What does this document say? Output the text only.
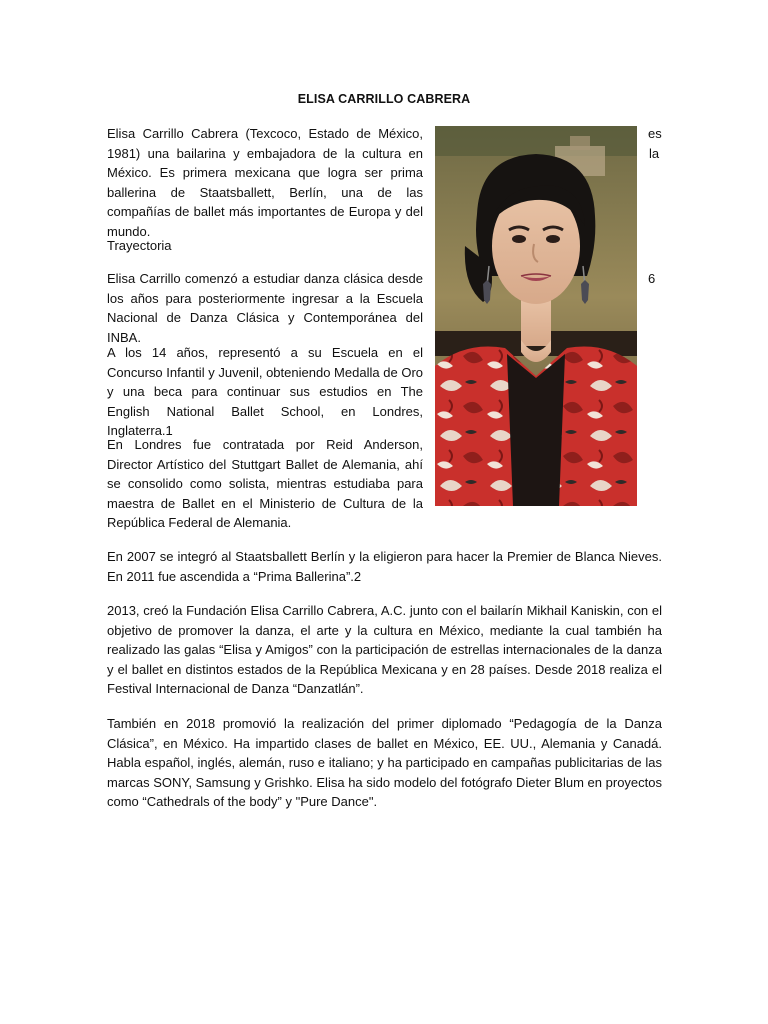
ELISA CARRILLO CABRERA

Elisa Carrillo Cabrera (Texcoco, Estado de México, 1981) una bailarina y embajadora de la cultura en México. Es primera mexicana que logra ser prima ballerina de Staatsballett, Berlín, una de las compañías de ballet más importantes de Europa y del mundo.

es
la

Trayectoria

Elisa Carrillo comenzó a estudiar danza clásica desde los años para posteriormente ingresar a la Escuela Nacional de Danza Clásica y Contemporánea del INBA.

6

A los 14 años, representó a su Escuela en el Concurso Infantil y Juvenil, obteniendo Medalla de Oro y una beca para continuar sus estudios en The English National Ballet School, en Londres, Inglaterra.1

En Londres fue contratada por Reid Anderson, Director Artístico del Stuttgart Ballet de Alemania, ahí se consolido como solista, mientras estudiaba para maestra de Ballet en el Ministerio de Cultura de la República Federal de Alemania.

En 2007 se integró al Staatsballett Berlín y la eligieron para hacer la Premier de Blanca Nieves. En 2011 fue ascendida a “Prima Ballerina”.2

2013, creó la Fundación Elisa Carrillo Cabrera, A.C. junto con el bailarín Mikhail Kaniskin, con el objetivo de promover la danza, el arte y la cultura en México, mediante la cual también ha realizado las galas “Elisa y Amigos” con la participación de estrellas internacionales de la danza y el ballet en distintos estados de la República Mexicana y en 28 países. Desde 2018 realiza el Festival Internacional de Danza “Danzatlán”.

También en 2018 promovió la realización del primer diplomado “Pedagogía de la Danza Clásica”, en México. Ha impartido clases de ballet en México, EE. UU., Alemania y Canadá. Habla español, inglés, alemán, ruso e italiano; y ha participado en campañas publicitarias de las marcas SONY, Samsung y Grishko. Elisa ha sido modelo del fotógrafo Dieter Blum en proyectos como “Cathedrals of the body” y "Pure Dance".
